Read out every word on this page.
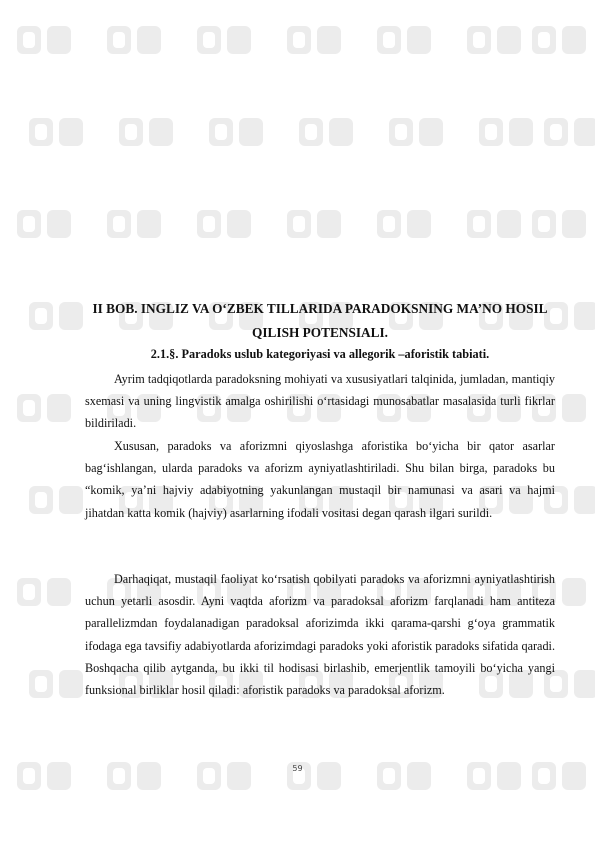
II BOB. INGLIZ VA O‘ZBEK TILLARIDA PARADOKSNING MA’NO HOSIL QILISH POTENSIALI.
2.1.§. Paradoks uslub kategoriyasi va allegorik –aforistik tabiati.

Ayrim tadqiqotlarda paradoksning mohiyati va xususiyatlari talqinida, jumladan, mantiqiy sxemasi va uning lingvistik amalga oshirilishi o‘rtasidagi munosabatlar masalasida turli fikrlar bildiriladi.

Xususan, paradoks va aforizmni qiyoslashga aforistika bo‘yicha bir qator asarlar bag‘ishlangan, ularda paradoks va aforizm ayniyatlashtiriladi. Shu bilan birga, paradoks bu “komik, ya’ni hajviy adabiyotning yakunlangan mustaqil bir namunasi va asari va hajmi jihatdan katta komik (hajviy) asarlarning ifodali vositasi degan qarash ilgari surildi.

Darhaqiqat, mustaqil faoliyat ko‘rsatish qobilyati paradoks va aforizmni ayniyatlashtirish uchun yetarli asosdir. Ayni vaqtda aforizm va paradoksal aforizm farqlanadi ham antiteza parallelizmdan foydalanadigan paradoksal aforizimda ikki qarama-qarshi g‘oya grammatik ifodaga ega tavsifiy adabiyotlarda aforizimdagi paradoks yoki aforistik paradoks sifatida qaradi. Boshqacha qilib aytganda, bu ikki til hodisasi birlashib, emerjentlik tamoyili bo‘yicha yangi funksional birliklar hosil qiladi: aforistik paradoks va paradoksal aforizm.

59
